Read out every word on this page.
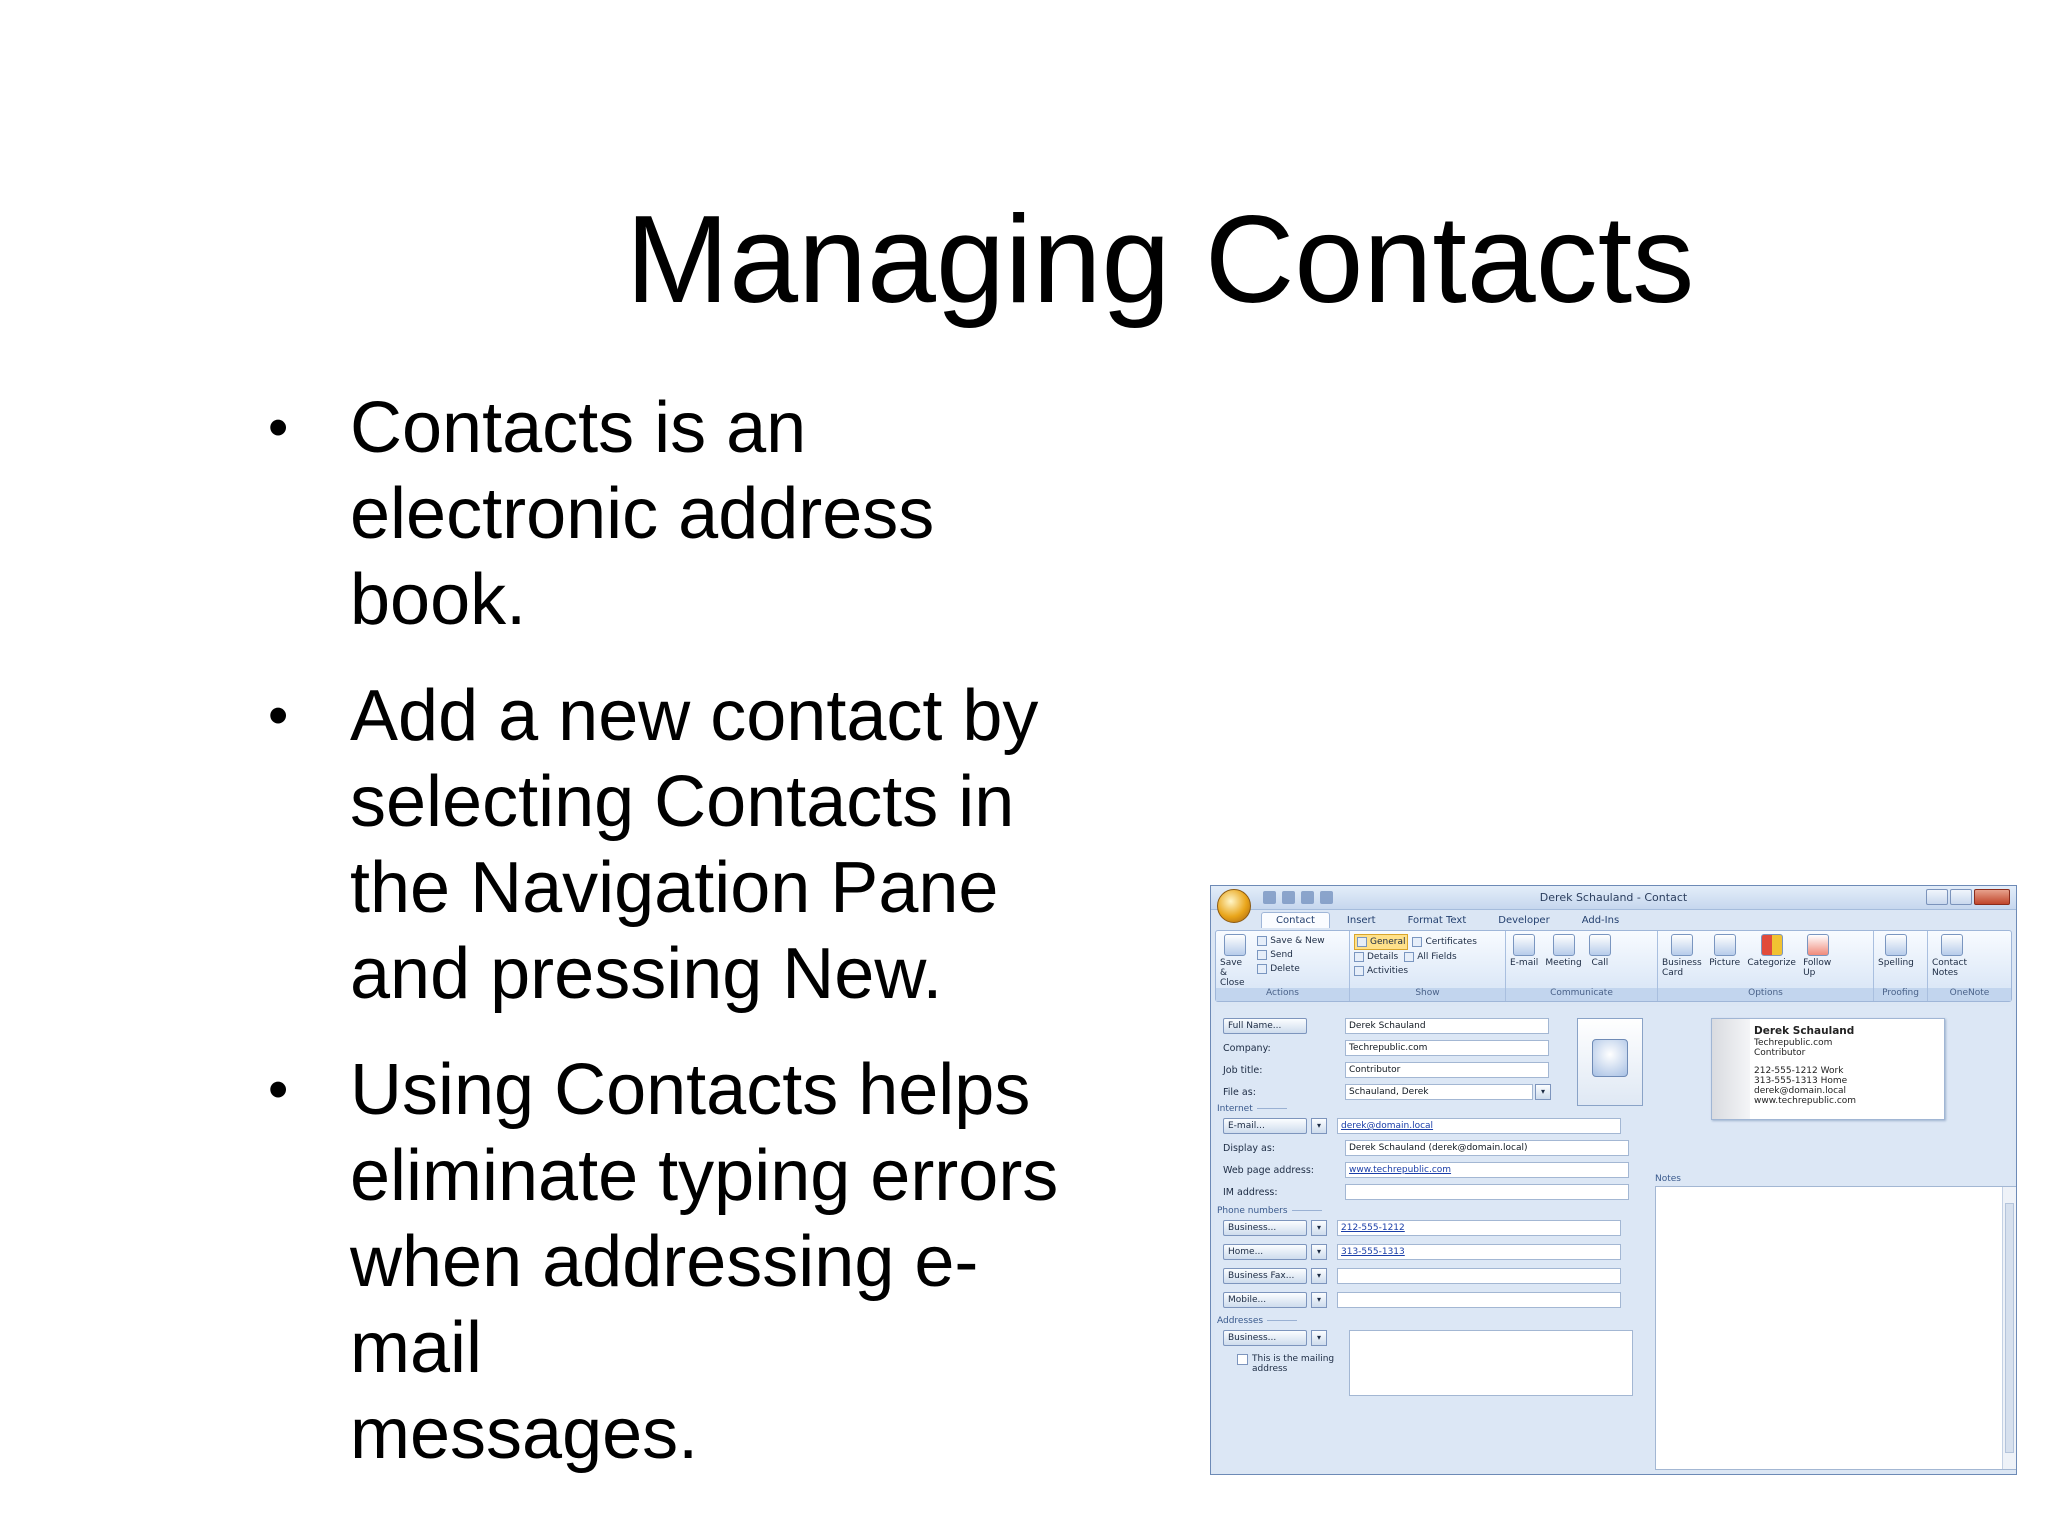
Managing Contacts
• Contacts is an
electronic address
book.
• Add a new contact by
selecting Contacts in
the Navigation Pane
and pressing New.
• Using Contacts helps
eliminate typing errors
when addressing e-
mail
messages.
Derek Schauland - Contact
Contact	Insert	Format Text	Developer	Add-Ins
Save & Close

Save & New
Send
Delete
Actions
General Certificates
Details All Fields
Activities
Show
E-mail
Meeting
Call
Communicate
Business Card

Picture
Categorize
Follow Up
Options
Spelling
Proofing
Contact Notes
OneNote
Full Name...	Derek Schauland
Company:	Techrepublic.com
Job title:	Contributor
File as:	Schauland, Derek	▾
Internet
E-mail...	▾	derek@domain.local
Display as:	Derek Schauland (derek@domain.local)
Web page address:	www.techrepublic.com
IM address:
Phone numbers
Business...	▾	212-555-1212
Home...	▾	313-555-1313
Business Fax...	▾
Mobile...	▾
Addresses
Business...	▾
This is the mailing address
Derek Schauland
Techrepublic.com
Contributor
212-555-1212 Work
313-555-1313 Home
derek@domain.local
www.techrepublic.com
Notes
